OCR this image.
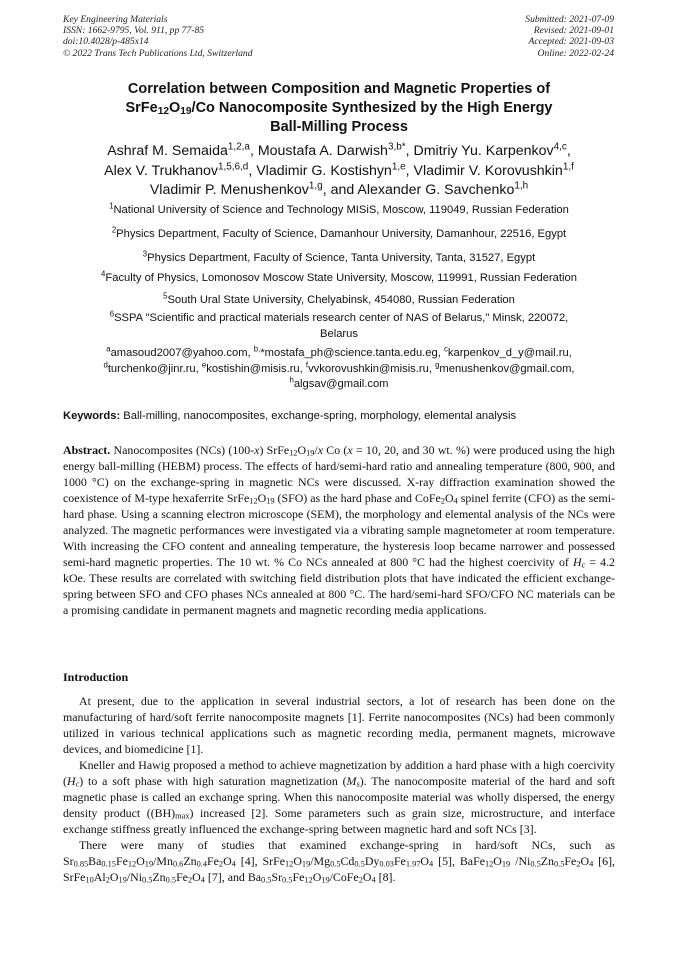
Key Engineering Materials
ISSN: 1662-9795, Vol. 911, pp 77-85
doi:10.4028/p-485x14
© 2022 Trans Tech Publications Ltd, Switzerland
Submitted: 2021-07-09
Revised: 2021-09-01
Accepted: 2021-09-03
Online: 2022-02-24
Correlation between Composition and Magnetic Properties of
$SrFe_{12}O_{19}/Co$ Nanocomposite Synthesized by the High Energy
Ball-Milling Process
Ashraf M. Semaida$^{1,2,a}$, Moustafa A. Darwish$^{3,b*}$, Dmitriy Yu. Karpenkov$^{4,c}$,
Alex V. Trukhanov$^{1,5,6,d}$, Vladimir G. Kostishyn$^{1,e}$, Vladimir V. Korovushkin$^{1,f}$
Vladimir P. Menushenkov$^{1,g}$, and Alexander G. Savchenko$^{1,h}$
$^1$National University of Science and Technology MISiS, Moscow, 119049, Russian Federation
$^2$Physics Department, Faculty of Science, Damanhour University, Damanhour, 22516, Egypt
$^3$Physics Department, Faculty of Science, Tanta University, Tanta, 31527, Egypt
$^4$Faculty of Physics, Lomonosov Moscow State University, Moscow, 119991, Russian Federation
$^5$South Ural State University, Chelyabinsk, 454080, Russian Federation
$^6$SSPA "Scientific and practical materials research center of NAS of Belarus," Minsk, 220072, Belarus
$^a$amasoud2007@yahoo.com, $^{b,}$*mostafa_ph@science.tanta.edu.eg, $^c$karpenkov_d_y@mail.ru,
$^d$turchenko@jinr.ru, $^e$kostishin@misis.ru, $^f$vvkorovushkin@misis.ru, $^g$menushenkov@gmail.com,
$^h$algsav@gmail.com
Keywords: Ball-milling, nanocomposites, exchange-spring, morphology, elemental analysis
Abstract. Nanocomposites (NCs) (100-x) $SrFe_{12}O_{19}/x$ Co (x = 10, 20, and 30 wt. %) were produced using the high energy ball-milling (HEBM) process. The effects of hard/semi-hard ratio and annealing temperature (800, 900, and 1000 °C) on the exchange-spring in magnetic NCs were discussed. X-ray diffraction examination showed the coexistence of M-type hexaferrite $SrFe_{12}O_{19}$ (SFO) as the hard phase and $CoFe_2O_4$ spinel ferrite (CFO) as the semi-hard phase. Using a scanning electron microscope (SEM), the morphology and elemental analysis of the NCs were analyzed. The magnetic performances were investigated via a vibrating sample magnetometer at room temperature. With increasing the CFO content and annealing temperature, the hysteresis loop became narrower and possessed semi-hard magnetic properties. The 10 wt. % Co NCs annealed at 800 °C had the highest coercivity of $H_c = 4.2$ kOe. These results are correlated with switching field distribution plots that have indicated the efficient exchange-spring between SFO and CFO phases NCs annealed at 800 °C. The hard/semi-hard SFO/CFO NC materials can be a promising candidate in permanent magnets and magnetic recording media applications.
Introduction

At present, due to the application in several industrial sectors, a lot of research has been done on the manufacturing of hard/soft ferrite nanocomposite magnets [1]. Ferrite nanocomposites (NCs) had been commonly utilized in various technical applications such as magnetic recording media, permanent magnets, microwave devices, and biomedicine [1].

Kneller and Hawig proposed a method to achieve magnetization by addition a hard phase with a high coercivity $(H_c)$ to a soft phase with high saturation magnetization $(M_s)$. The nanocomposite material of the hard and soft magnetic phase is called an exchange spring. When this nanocomposite material was wholly dispersed, the energy density product $((BH)_{max})$ increased [2]. Some parameters such as grain size, microstructure, and interface exchange stiffness greatly influenced the exchange-spring between magnetic hard and soft NCs [3].

There were many of studies that examined exchange-spring in hard/soft NCs, such as $Sr_{0.85}Ba_{0.15}Fe_{12}O_{19}/Mn_{0.6}Zn_{0.4}Fe_2O_4$ [4], $SrFe_{12}O_{19}/Mg_{0.5}Cd_{0.5}Dy_{0.03}Fe_{1.97}O_4$ [5], $BaFe_{12}O_{19}$ $/Ni_{0.5}Zn_{0.5}Fe_2O_4$ [6], $SrFe_{10}Al_2O_{19}/Ni_{0.5}Zn_{0.5}Fe_2O_4$ [7], and $Ba_{0.5}Sr_{0.5}Fe_{12}O_{19}/CoFe_2O_4$ [8].
